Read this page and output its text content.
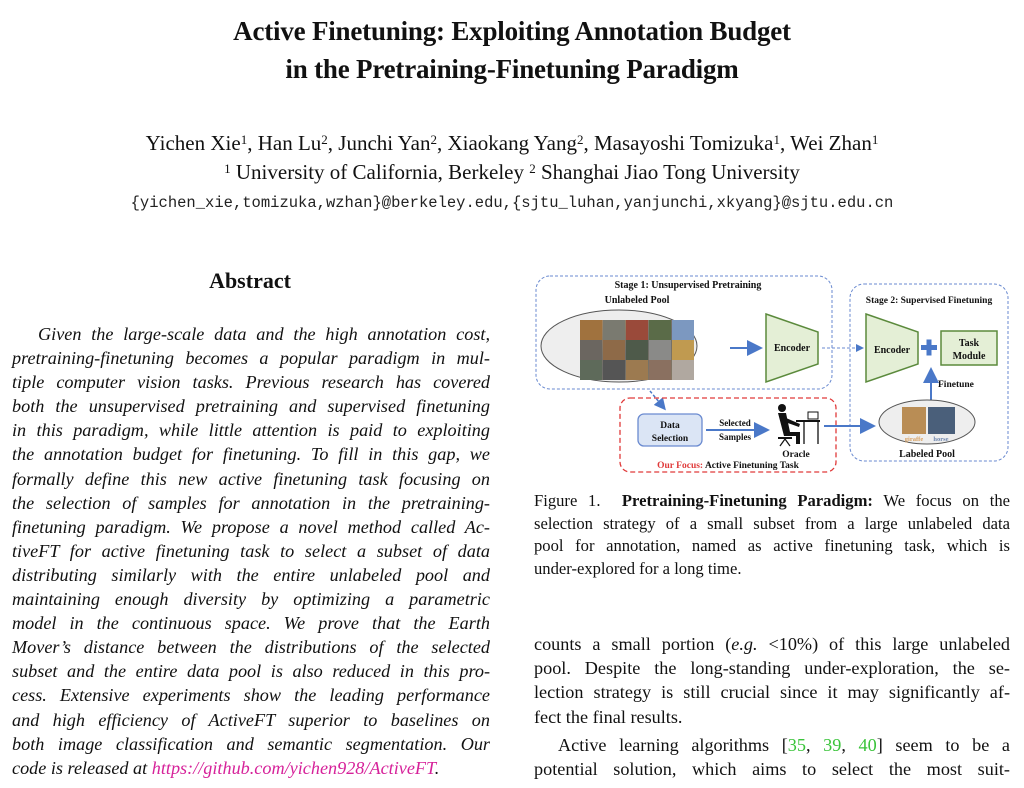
Active Finetuning: Exploiting Annotation Budget
in the Pretraining-Finetuning Paradigm
Yichen Xie$^1$, Han Lu$^2$, Junchi Yan$^2$, Xiaokang Yang$^2$, Masayoshi Tomizuka$^1$, Wei Zhan$^1$
$^1$ University of California, Berkeley $^2$ Shanghai Jiao Tong University
{yichen_xie,tomizuka,wzhan}@berkeley.edu,{sjtu_luhan,yanjunchi,xkyang}@sjtu.edu.cn
Abstract
Given the large-scale data and the high annotation cost,
pretraining-finetuning becomes a popular paradigm in mul-
tiple computer vision tasks. Previous research has covered
both the unsupervised pretraining and supervised finetuning
in this paradigm, while little attention is paid to exploiting
the annotation budget for finetuning. To fill in this gap, we
formally define this new active finetuning task focusing on
the selection of samples for annotation in the pretraining-
finetuning paradigm. We propose a novel method called Ac-
tiveFT for active finetuning task to select a subset of data
distributing similarly with the entire unlabeled pool and
maintaining enough diversity by optimizing a parametric
model in the continuous space. We prove that the Earth
Mover’s distance between the distributions of the selected
subset and the entire data pool is also reduced in this pro-
cess. Extensive experiments show the leading performance
and high efficiency of ActiveFT superior to baselines on
both image classification and semantic segmentation. Our
code is released at https://github.com/yichen928/ActiveFT.
Stage 1: Unsupervised Pretraining
Unlabeled Pool
Encoder
Stage 2: Supervised Finetuning
Encoder
Task
Module
Finetune
giraffe horse
Labeled Pool
Data
Selection
Selected
Samples
Oracle
Our Focus: Active Finetuning Task
Figure 1. Pretraining-Finetuning Paradigm: We focus on the
selection strategy of a small subset from a large unlabeled data
pool for annotation, named as active finetuning task, which is
under-explored for a long time.
counts a small portion (e.g. <10%) of this large unlabeled
pool. Despite the long-standing under-exploration, the se-
lection strategy is still crucial since it may significantly af-
fect the final results.
Active learning algorithms [35, 39, 40] seem to be a
potential solution, which aims to select the most suit-
